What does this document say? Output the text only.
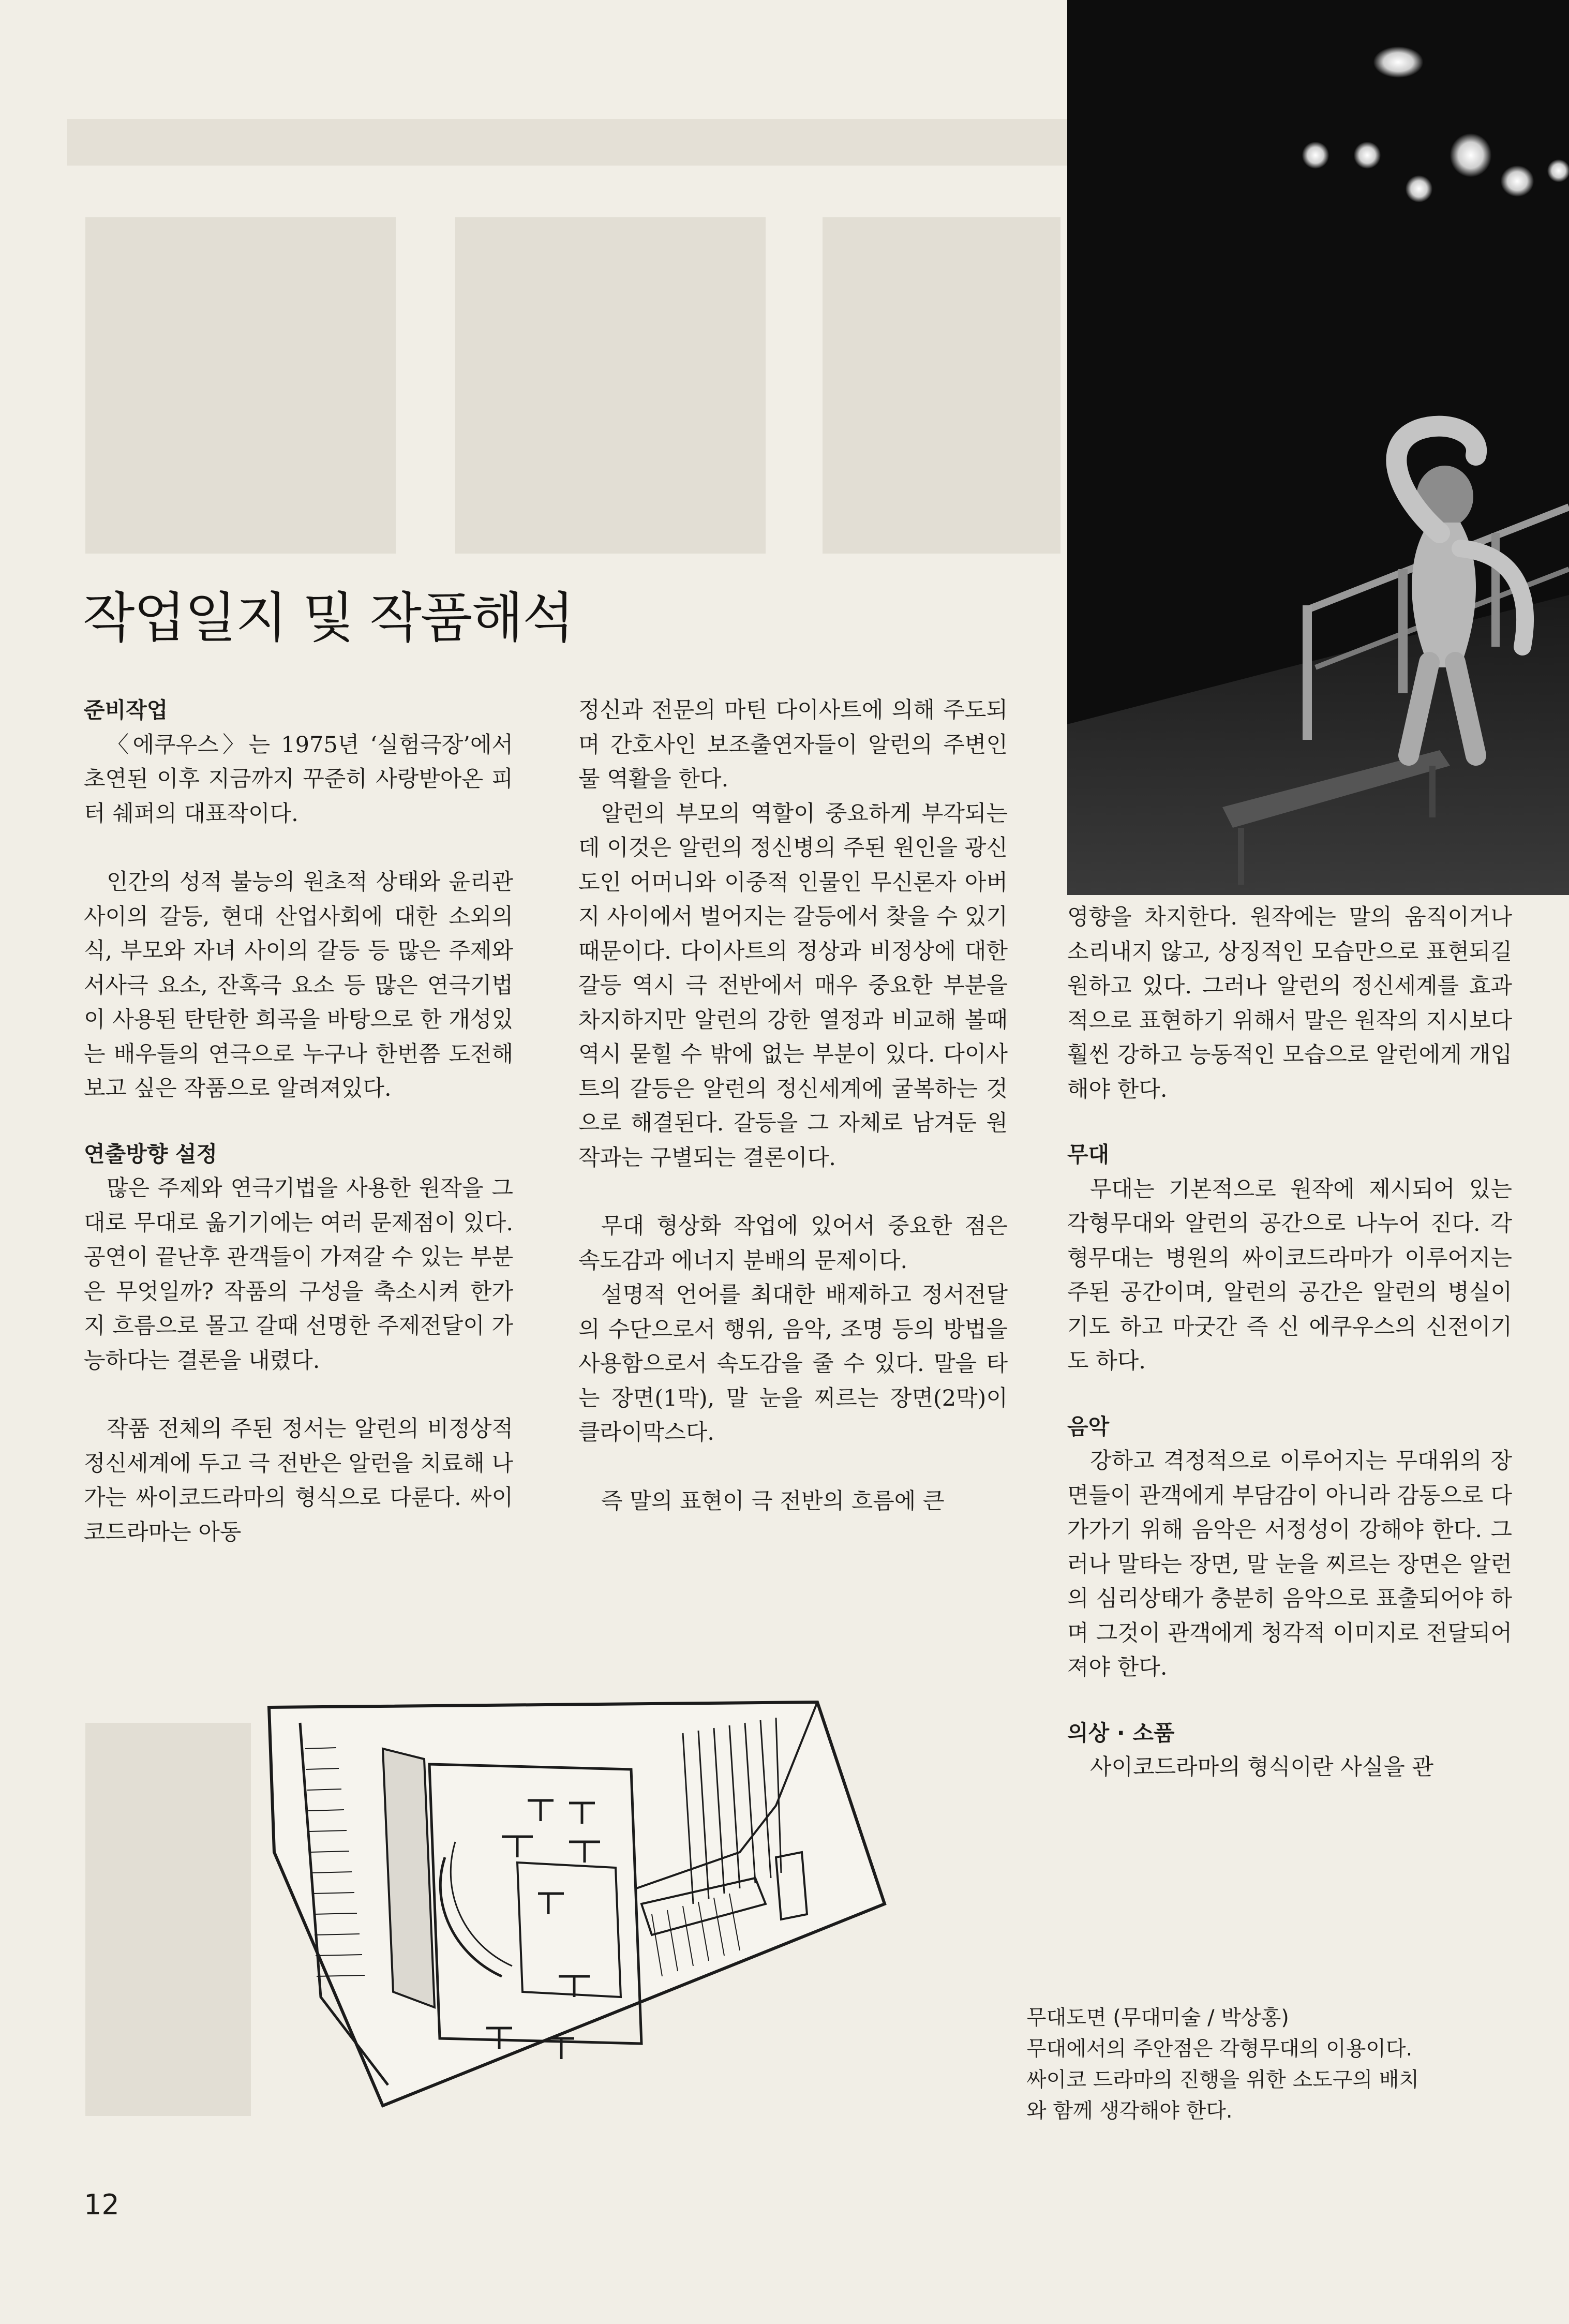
작업일지 및 작품해석
준비작업

〈에쿠우스〉는 1975년 ‘실험극장’에서 초연된 이후 지금까지 꾸준히 사랑받아온 피터 쉐퍼의 대표작이다.

인간의 성적 불능의 원초적 상태와 윤리관 사이의 갈등, 현대 산업사회에 대한 소외의식, 부모와 자녀 사이의 갈등 등 많은 주제와 서사극 요소, 잔혹극 요소 등 많은 연극기법이 사용된 탄탄한 희곡을 바탕으로 한 개성있는 배우들의 연극으로 누구나 한번쯤 도전해 보고 싶은 작품으로 알려져있다.

연출방향 설정

많은 주제와 연극기법을 사용한 원작을 그대로 무대로 옮기기에는 여러 문제점이 있다. 공연이 끝난후 관객들이 가져갈 수 있는 부분은 무엇일까? 작품의 구성을 축소시켜 한가지 흐름으로 몰고 갈때 선명한 주제전달이 가능하다는 결론을 내렸다.

작품 전체의 주된 정서는 알런의 비정상적 정신세계에 두고 극 전반은 알런을 치료해 나가는 싸이코드라마의 형식으로 다룬다. 싸이코드라마는 아동

정신과 전문의 마틴 다이사트에 의해 주도되며 간호사인 보조출연자들이 알런의 주변인물 역활을 한다.

알런의 부모의 역할이 중요하게 부각되는데 이것은 알런의 정신병의 주된 원인을 광신도인 어머니와 이중적 인물인 무신론자 아버지 사이에서 벌어지는 갈등에서 찾을 수 있기 때문이다. 다이사트의 정상과 비정상에 대한 갈등 역시 극 전반에서 매우 중요한 부분을 차지하지만 알런의 강한 열정과 비교해 볼때 역시 묻힐 수 밖에 없는 부분이 있다. 다이사트의 갈등은 알런의 정신세계에 굴복하는 것으로 해결된다. 갈등을 그 자체로 남겨둔 원작과는 구별되는 결론이다.

무대 형상화 작업에 있어서 중요한 점은 속도감과 에너지 분배의 문제이다.

설명적 언어를 최대한 배제하고 정서전달의 수단으로서 행위, 음악, 조명 등의 방법을 사용함으로서 속도감을 줄 수 있다. 말을 타는 장면(1막), 말 눈을 찌르는 장면(2막)이 클라이막스다.

즉 말의 표현이 극 전반의 흐름에 큰

영향을 차지한다. 원작에는 말의 움직이거나 소리내지 않고, 상징적인 모습만으로 표현되길 원하고 있다. 그러나 알런의 정신세계를 효과적으로 표현하기 위해서 말은 원작의 지시보다 훨씬 강하고 능동적인 모습으로 알런에게 개입해야 한다.

무대

무대는 기본적으로 원작에 제시되어 있는 각형무대와 알런의 공간으로 나누어 진다. 각형무대는 병원의 싸이코드라마가 이루어지는 주된 공간이며, 알런의 공간은 알런의 병실이기도 하고 마굿간 즉 신 에쿠우스의 신전이기도 하다.

음악

강하고 격정적으로 이루어지는 무대위의 장면들이 관객에게 부담감이 아니라 감동으로 다가가기 위해 음악은 서정성이 강해야 한다. 그러나 말타는 장면, 말 눈을 찌르는 장면은 알런의 심리상태가 충분히 음악으로 표출되어야 하며 그것이 관객에게 청각적 이미지로 전달되어져야 한다.

의상 · 소품

사이코드라마의 형식이란 사실을 관

무대도면 (무대미술 / 박상홍)
무대에서의 주안점은 각형무대의 이용이다.
싸이코 드라마의 진행을 위한 소도구의 배치
와 함께 생각해야 한다.
12
